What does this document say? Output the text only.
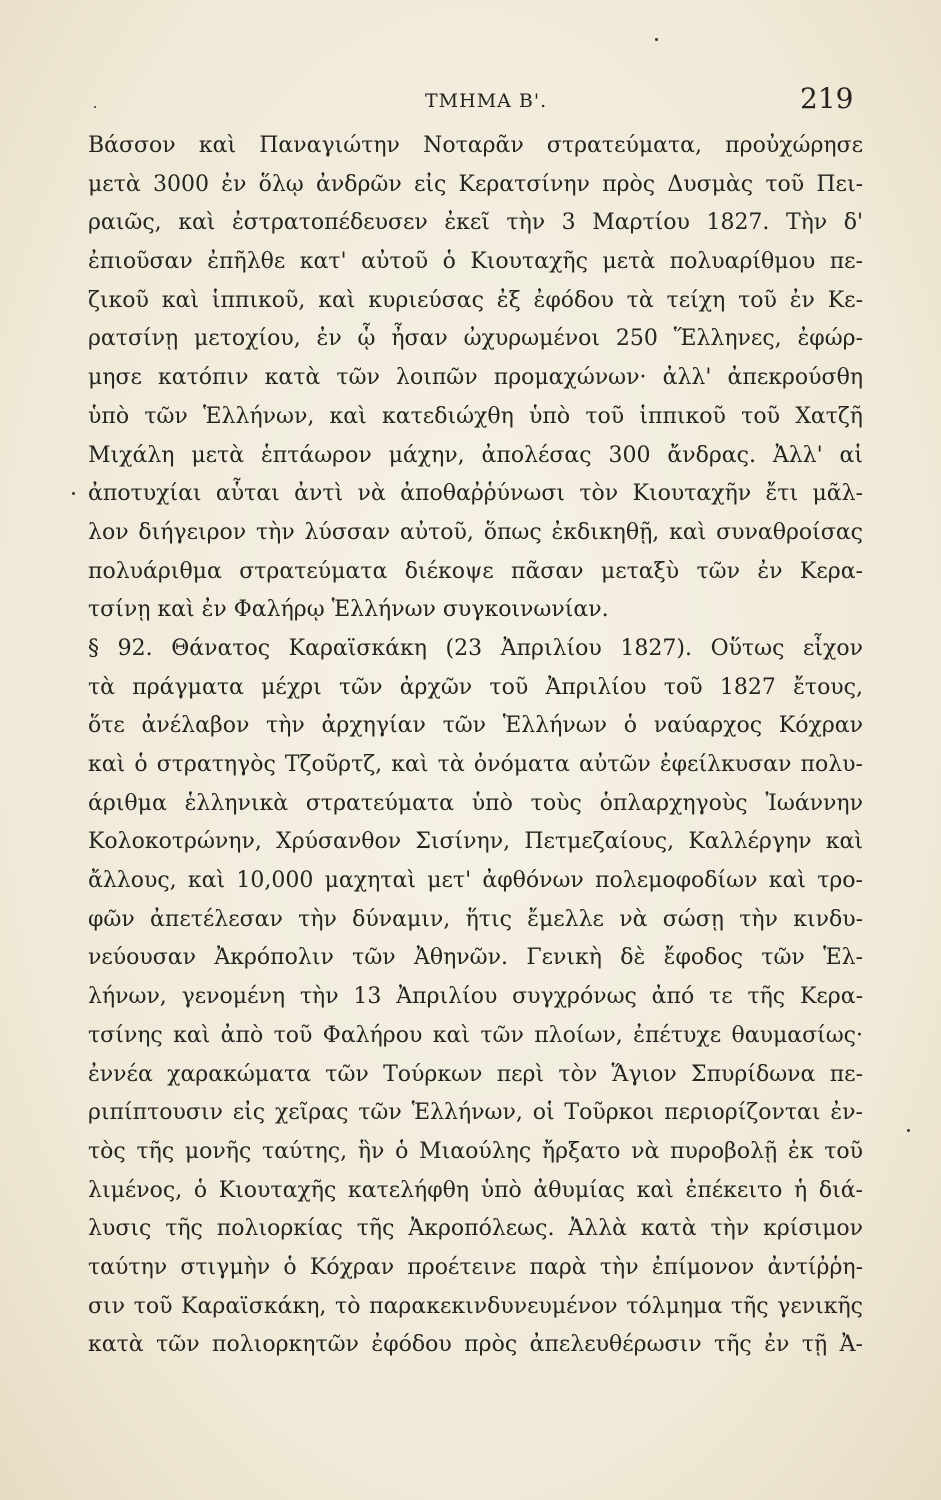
ΤΜΗΜΑ Β'.	219
Βάσσον καὶ Παναγιώτην Νοταρᾶν στρατεύματα, προὐχώρησε
μετὰ 3000 ἐν ὅλῳ ἀνδρῶν εἰς Κερατσίνην πρὸς Δυσμὰς τοῦ Πει-
ραιῶς, καὶ ἐστρατοπέδευσεν ἐκεῖ τὴν 3 Μαρτίου 1827. Τὴν δ'
ἐπιοῦσαν ἐπῆλθε κατ' αὐτοῦ ὁ Κιουταχῆς μετὰ πολυαρίθμου πε-
ζικοῦ καὶ ἱππικοῦ, καὶ κυριεύσας ἐξ ἐφόδου τὰ τείχη τοῦ ἐν Κε-
ρατσίνῃ μετοχίου, ἐν ᾧ ἦσαν ὠχυρωμένοι 250 Ἕλληνες, ἐφώρ-
μησε κατόπιν κατὰ τῶν λοιπῶν προμαχώνων· ἀλλ' ἀπεκρούσθη
ὑπὸ τῶν Ἑλλήνων, καὶ κατεδιώχθη ὑπὸ τοῦ ἱππικοῦ τοῦ Χατζῆ
Μιχάλη μετὰ ἑπτάωρον μάχην, ἀπολέσας 300 ἄνδρας. Ἀλλ' αἱ
ἀποτυχίαι αὗται ἀντὶ νὰ ἀποθαῤῥύνωσι τὸν Κιουταχῆν ἔτι μᾶλ-
λον διήγειρον τὴν λύσσαν αὐτοῦ, ὅπως ἐκδικηθῇ, καὶ συναθροίσας
πολυάριθμα στρατεύματα διέκοψε πᾶσαν μεταξὺ τῶν ἐν Κερα-
τσίνῃ καὶ ἐν Φαλήρῳ Ἑλλήνων συγκοινωνίαν.
§ 92. Θάνατος Καραϊσκάκη (23 Ἀπριλίου 1827). Οὕτως εἶχον
τὰ πράγματα μέχρι τῶν ἀρχῶν τοῦ Ἀπριλίου τοῦ 1827 ἔτους,
ὅτε ἀνέλαβον τὴν ἀρχηγίαν τῶν Ἑλλήνων ὁ ναύαρχος Κόχραν
καὶ ὁ στρατηγὸς Τζοῦρτζ, καὶ τὰ ὀνόματα αὐτῶν ἐφείλκυσαν πολυ-
άριθμα ἑλληνικὰ στρατεύματα ὑπὸ τοὺς ὁπλαρχηγοὺς Ἰωάννην
Κολοκοτρώνην, Χρύσανθον Σισίνην, Πετμεζαίους, Καλλέργην καὶ
ἄλλους, καὶ 10,000 μαχηταὶ μετ' ἀφθόνων πολεμοφοδίων καὶ τρο-
φῶν ἀπετέλεσαν τὴν δύναμιν, ἥτις ἔμελλε νὰ σώσῃ τὴν κινδυ-
νεύουσαν Ἀκρόπολιν τῶν Ἀθηνῶν. Γενικὴ δὲ ἔφοδος τῶν Ἑλ-
λήνων, γενομένη τὴν 13 Ἀπριλίου συγχρόνως ἀπό τε τῆς Κερα-
τσίνης καὶ ἀπὸ τοῦ Φαλήρου καὶ τῶν πλοίων, ἐπέτυχε θαυμασίως·
ἐννέα χαρακώματα τῶν Τούρκων περὶ τὸν Ἅγιον Σπυρίδωνα πε-
ριπίπτουσιν εἰς χεῖρας τῶν Ἑλλήνων, οἱ Τοῦρκοι περιορίζονται ἐν-
τὸς τῆς μονῆς ταύτης, ἣν ὁ Μιαούλης ἤρξατο νὰ πυροβολῇ ἐκ τοῦ
λιμένος, ὁ Κιουταχῆς κατελήφθη ὑπὸ ἀθυμίας καὶ ἐπέκειτο ἡ διά-
λυσις τῆς πολιορκίας τῆς Ἀκροπόλεως. Ἀλλὰ κατὰ τὴν κρίσιμον
ταύτην στιγμὴν ὁ Κόχραν προέτεινε παρὰ τὴν ἐπίμονον ἀντίῤῥη-
σιν τοῦ Καραϊσκάκη, τὸ παρακεκινδυνευμένον τόλμημα τῆς γενικῆς
κατὰ τῶν πολιορκητῶν ἐφόδου πρὸς ἀπελευθέρωσιν τῆς ἐν τῇ Ἀ-
